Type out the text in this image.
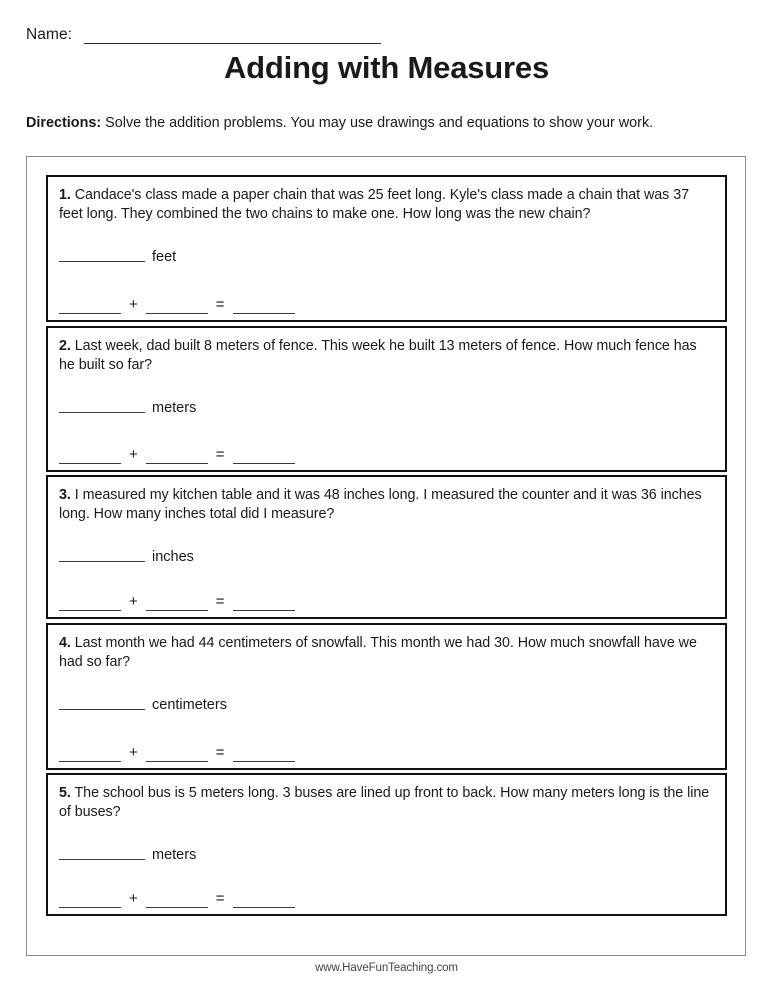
Name:
Adding with Measures
Directions: Solve the addition problems. You may use drawings and equations to show your work.
1. Candace's class made a paper chain that was 25 feet long. Kyle's class made a chain that was 37 feet long. They combined the two chains to make one. How long was the new chain?
feet
+	=
2. Last week, dad built 8 meters of fence. This week he built 13 meters of fence. How much fence has he built so far?
meters
+	=
3. I measured my kitchen table and it was 48 inches long. I measured the counter and it was 36 inches long. How many inches total did I measure?
inches
+	=
4. Last month we had 44 centimeters of snowfall. This month we had 30. How much snowfall have we had so far?
centimeters
+	=
5. The school bus is 5 meters long. 3 buses are lined up front to back. How many meters long is the line of buses?
meters
+	=
www.HaveFunTeaching.com
